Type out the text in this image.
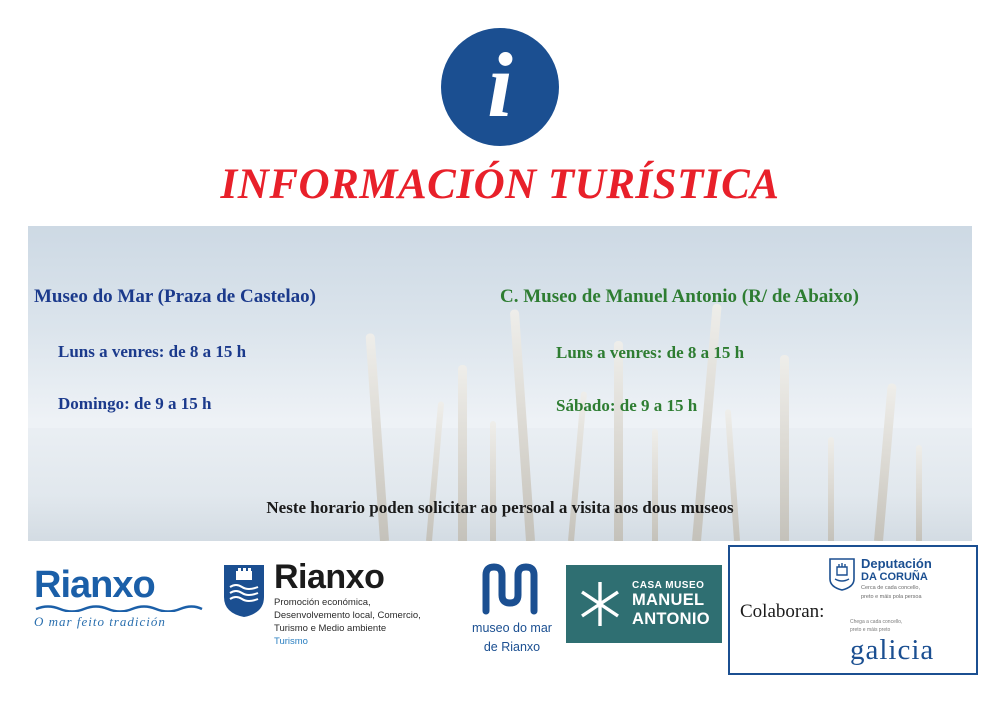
i
INFORMACIÓN TURÍSTICA
Museo do Mar (Praza de Castelao)
Luns a venres: de 8 a 15 h
Domingo: de 9 a 15 h
C. Museo de Manuel Antonio (R/ de Abaixo)
Luns a venres: de 8 a 15 h
Sábado: de 9 a 15 h
Neste horario poden solicitar ao persoal a visita aos dous museos
Rianxo
O mar feito tradición
Rianxo
Promoción económica,
Desenvolvemento local, Comercio,
Turismo e Medio ambiente
Turismo
museo do mar
de Rianxo
CASA MUSEO
MANUEL
ANTONIO Colaboran:
Deputación
DA CORUÑA
Cerca de cada concello,
preto e máis pola persoa
Chega a cada concello,
preto e máis preto
galicia
